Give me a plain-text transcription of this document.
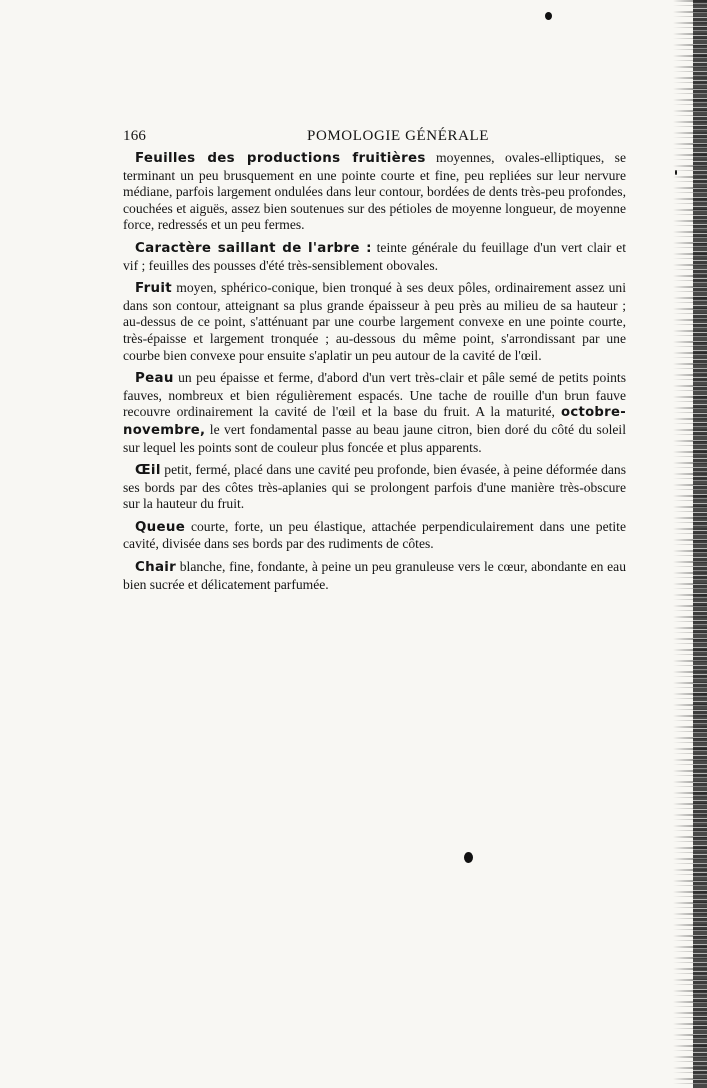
166	POMOLOGIE GÉNÉRALE

Feuilles des productions fruitières moyennes, ovales-elliptiques, se terminant un peu brusquement en une pointe courte et fine, peu repliées sur leur nervure médiane, parfois largement ondulées dans leur contour, bordées de dents très-peu profondes, couchées et aiguës, assez bien soutenues sur des pétioles de moyenne longueur, de moyenne force, redressés et un peu fermes.

Caractère saillant de l'arbre : teinte générale du feuillage d'un vert clair et vif ; feuilles des pousses d'été très-sensiblement obovales.

Fruit moyen, sphérico-conique, bien tronqué à ses deux pôles, ordinairement assez uni dans son contour, atteignant sa plus grande épaisseur à peu près au milieu de sa hauteur ; au-dessus de ce point, s'atténuant par une courbe largement convexe en une pointe courte, très-épaisse et largement tronquée ; au-dessous du même point, s'arrondissant par une courbe bien convexe pour ensuite s'aplatir un peu autour de la cavité de l'œil.

Peau un peu épaisse et ferme, d'abord d'un vert très-clair et pâle semé de petits points fauves, nombreux et bien régulièrement espacés. Une tache de rouille d'un brun fauve recouvre ordinairement la cavité de l'œil et la base du fruit. A la maturité, octobre-novembre, le vert fondamental passe au beau jaune citron, bien doré du côté du soleil sur lequel les points sont de couleur plus foncée et plus apparents.

Œil petit, fermé, placé dans une cavité peu profonde, bien évasée, à peine déformée dans ses bords par des côtes très-aplanies qui se prolongent parfois d'une manière très-obscure sur la hauteur du fruit.

Queue courte, forte, un peu élastique, attachée perpendiculairement dans une petite cavité, divisée dans ses bords par des rudiments de côtes.

Chair blanche, fine, fondante, à peine un peu granuleuse vers le cœur, abondante en eau bien sucrée et délicatement parfumée.
